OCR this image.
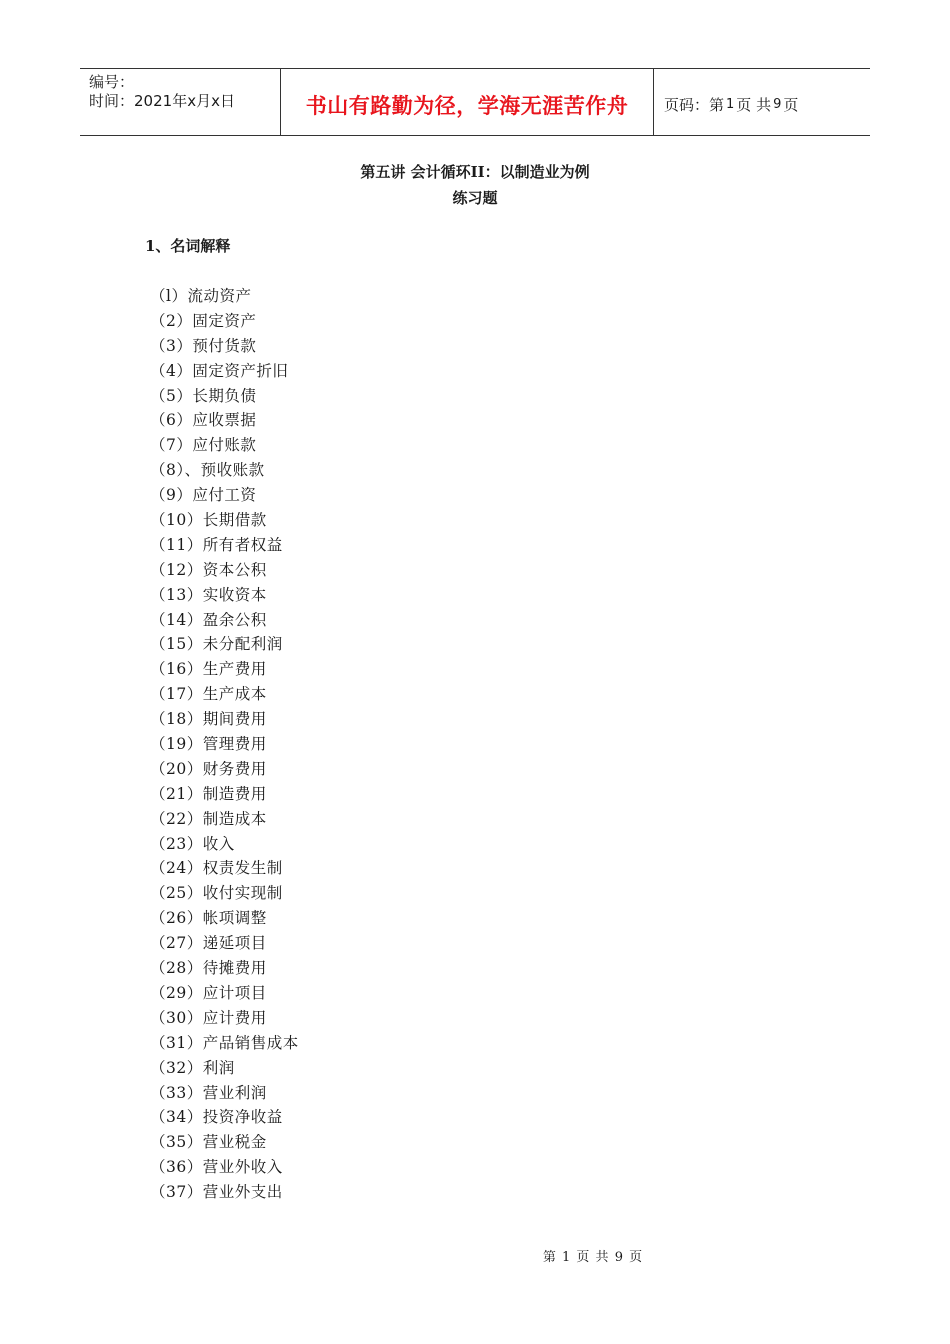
编号：
时间：2021年x月x日	书山有路勤为径，学海无涯苦作舟 页码：第 1 页 共 9 页
第五讲 会计循环II：以制造业为例
练习题
1、名词解释
（l）流动资产
（2）固定资产
（3）预付货款
（4）固定资产折旧
（5）长期负债
（6）应收票据
（7）应付账款
（8）、预收账款
（9）应付工资
（10）长期借款
（11）所有者权益
（12）资本公积
（13）实收资本
（14）盈余公积
（15）未分配利润
（16）生产费用
（17）生产成本
（18）期间费用
（19）管理费用
（20）财务费用
（21）制造费用
（22）制造成本
（23）收入
（24）权责发生制
（25）收付实现制
（26）帐项调整
（27）递延项目
（28）待摊费用
（29）应计项目
（30）应计费用
（31）产品销售成本
（32）利润
（33）营业利润
（34）投资净收益
（35）营业税金
（36）营业外收入
（37）营业外支出
第 1 页 共 9 页
